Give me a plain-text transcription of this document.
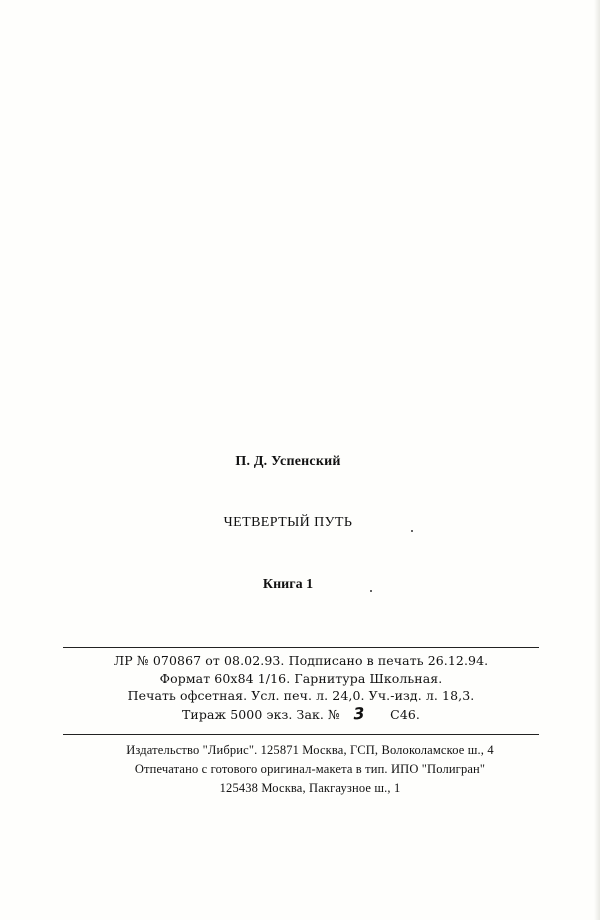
П. Д. Успенский
ЧЕТВЕРТЫЙ ПУТЬ
Книга 1
ЛР № 070867 от 08.02.93. Подписано в печать 26.12.94.
Формат 60х84 1/16. Гарнитура Школьная.
Печать офсетная. Усл. печ. л. 24,0. Уч.-изд. л. 18,3.
Тираж 5000 экз. Зак. № 3 С46.
Издательство "Либрис". 125871 Москва, ГСП, Волоколамское ш., 4
Отпечатано с готового оригинал-макета в тип. ИПО "Полигран"
125438 Москва, Пакгаузное ш., 1
